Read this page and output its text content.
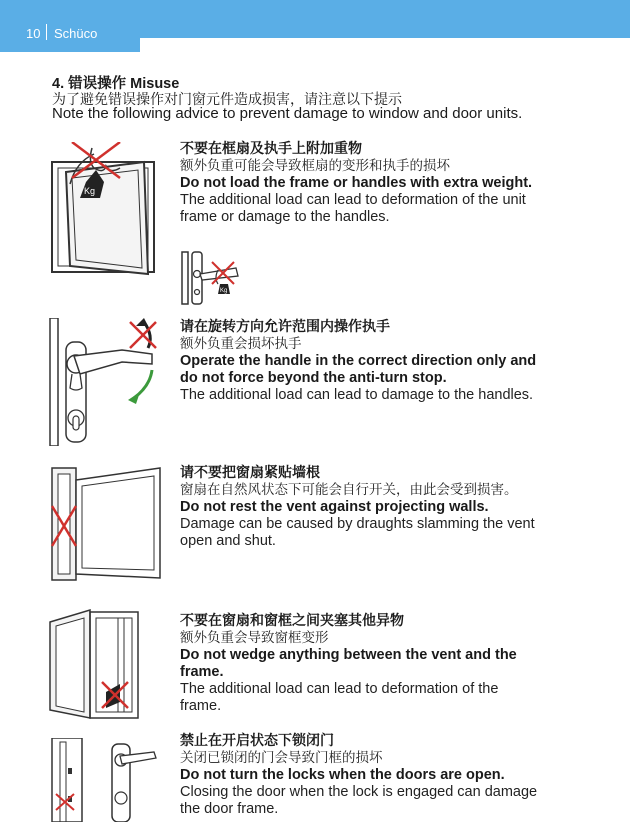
10 Schüco
4. 错误操作 Misuse
为了避免错误操作对门窗元件造成损害，请注意以下提示
Note the following advice to prevent damage to window and door units.
不要在框扇及执手上附加重物
额外负重可能会导致框扇的变形和执手的损坏
Do not load the frame or handles with extra weight.
The additional load can lead to deformation of the unit frame or damage to the handles.
Kg
Kg
请在旋转方向允许范围内操作执手
额外负重会损坏执手
Operate the handle in the correct direction only and do not force beyond the anti-turn stop.
The additional load can lead to damage to the handles.
请不要把窗扇紧贴墙根
窗扇在自然风状态下可能会自行开关，由此会受到损害。
Do not rest the vent against projecting walls.
Damage can be caused by draughts slamming the vent open and shut.
不要在窗扇和窗框之间夹塞其他异物
额外负重会导致窗框变形
Do not wedge anything between the vent and the frame.
The additional load can lead to deformation of the frame.
禁止在开启状态下锁闭门
关闭已锁闭的门会导致门框的损坏
Do not turn the locks when the doors are open.
Closing the door when the lock is engaged can damage the door frame.
